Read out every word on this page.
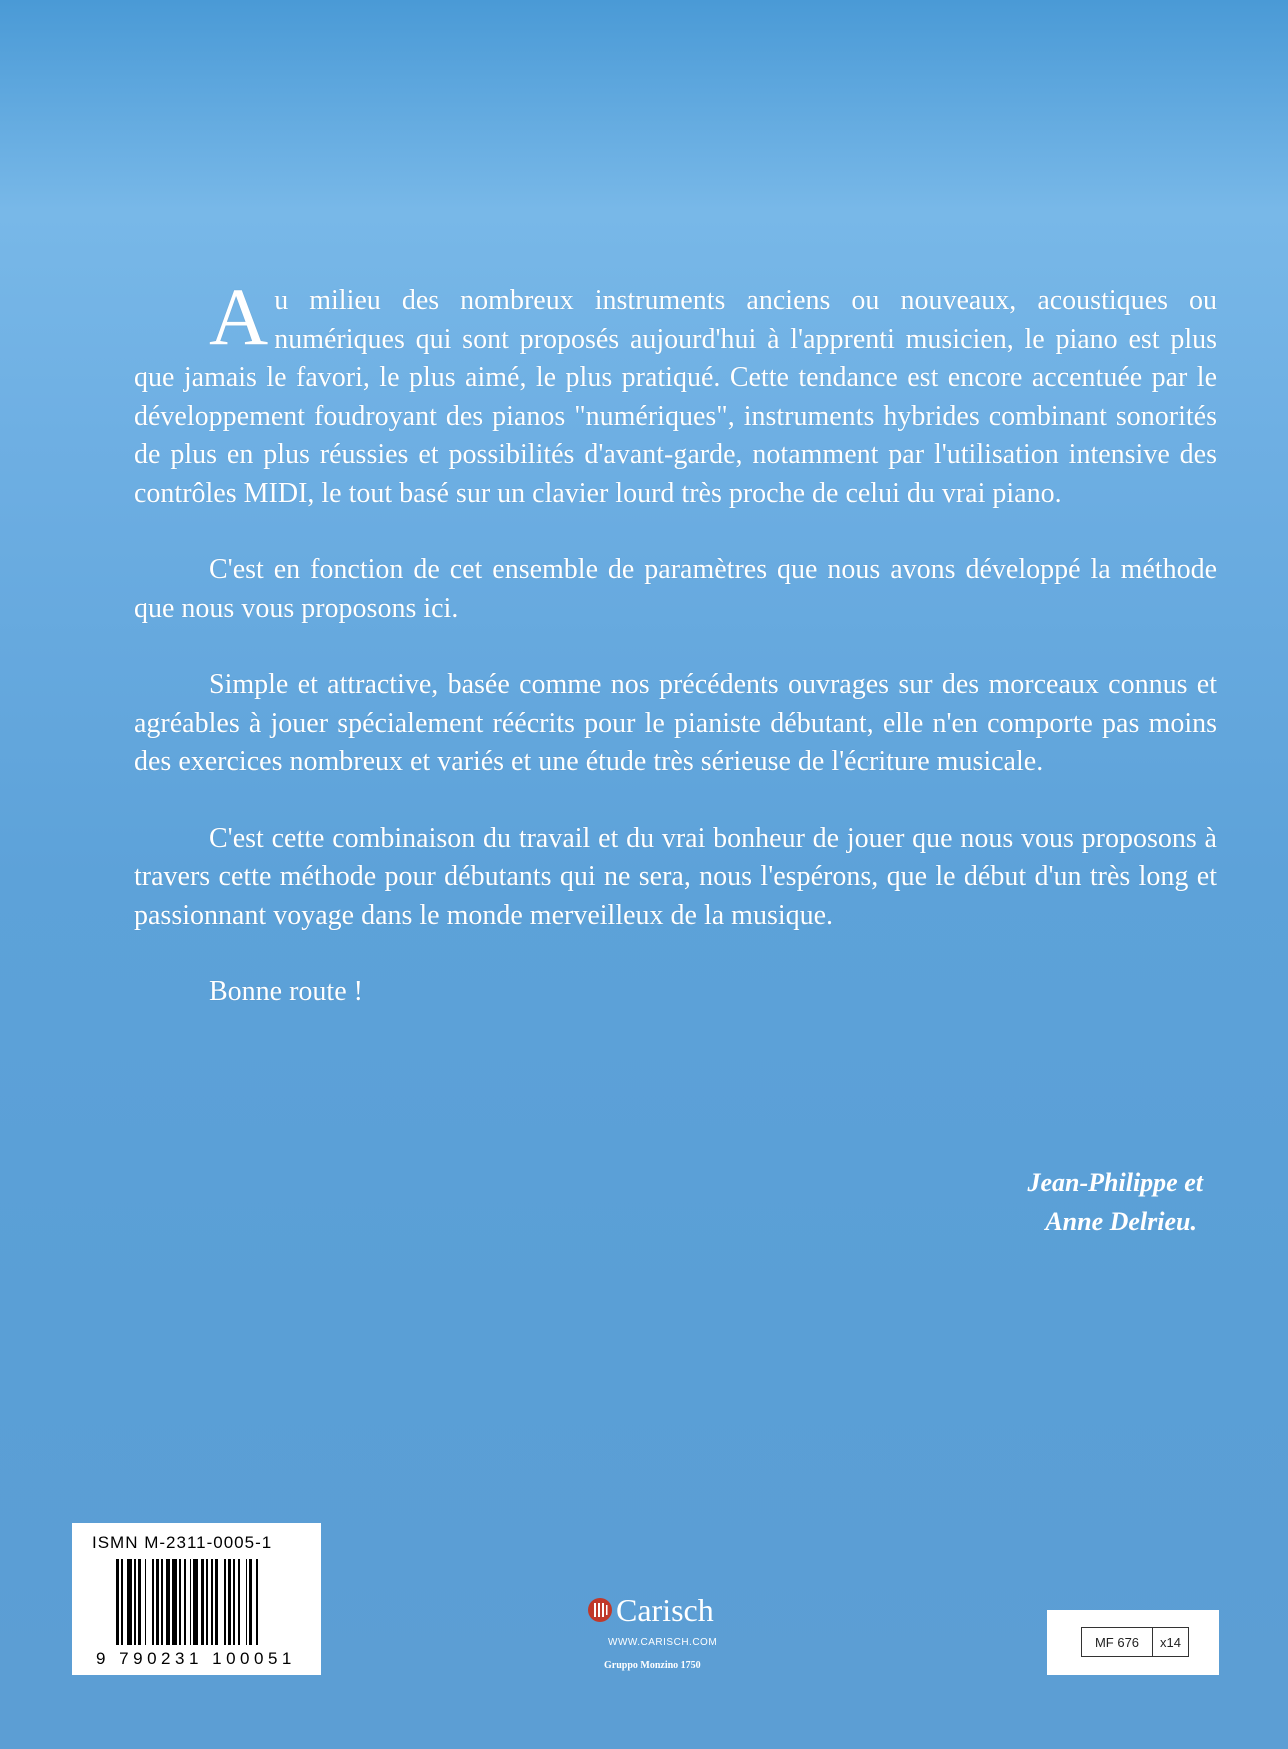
Au milieu des nombreux instruments anciens ou nouveaux, acoustiques ou numériques qui sont proposés aujourd'hui à l'apprenti musicien, le piano est plus que jamais le favori, le plus aimé, le plus pratiqué. Cette tendance est encore accentuée par le développement foudroyant des pianos "numériques", instruments hybrides combinant sonorités de plus en plus réussies et possibilités d'avant-garde, notamment par l'utilisation intensive des contrôles MIDI, le tout basé sur un clavier lourd très proche de celui du vrai piano.

C'est en fonction de cet ensemble de paramètres que nous avons développé la méthode que nous vous proposons ici.

Simple et attractive, basée comme nos précédents ouvrages sur des morceaux connus et agréables à jouer spécialement réécrits pour le pianiste débutant, elle n'en comporte pas moins des exercices nombreux et variés et une étude très sérieuse de l'écriture musicale.

C'est cette combinaison du travail et du vrai bonheur de jouer que nous vous proposons à travers cette méthode pour débutants qui ne sera, nous l'espérons, que le début d'un très long et passionnant voyage dans le monde merveilleux de la musique.

Bonne route !

Jean-Philippe et
Anne Delrieu.
ISMN M-2311-0005-1
9 790231 100051
Carisch
WWW.CARISCH.COM
Gruppo Monzino 1750
MF 676	x14
